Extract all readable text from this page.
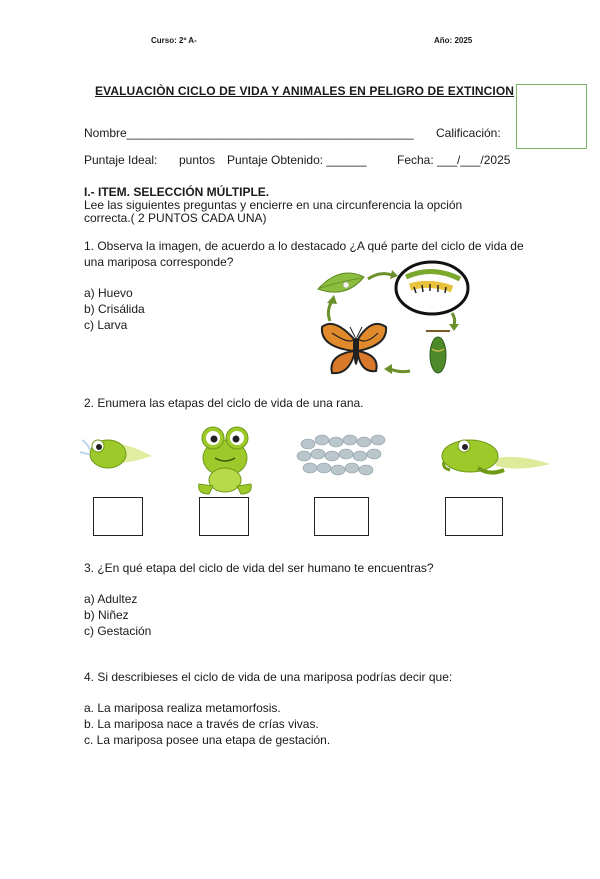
Curso: 2º A-	Año: 2025
EVALUACIÒN CICLO DE VIDA Y ANIMALES EN PELIGRO DE EXTINCION
Nombre___________________________________________ Calificación:
Puntaje Ideal: puntos Puntaje Obtenido: ______	Fecha: ___/___/2025
I.- ITEM. SELECCIÓN MÚLTIPLE.
Lee las siguientes preguntas y encierre en una circunferencia la opción
correcta.( 2 PUNTOS CADA UNA)
1. Observa la imagen, de acuerdo a lo destacado ¿A qué parte del ciclo de vida de
una mariposa corresponde?
a) Huevo
b) Crisálida
c) Larva
2. Enumera las etapas del ciclo de vida de una rana.
3. ¿En qué etapa del ciclo de vida del ser humano te encuentras?
a) Adultez
b) Niñez
c) Gestación
4. Si describieses el ciclo de vida de una mariposa podrías decir que:
a. La mariposa realiza metamorfosis.
b. La mariposa nace a través de crías vivas.
c. La mariposa posee una etapa de gestación.
